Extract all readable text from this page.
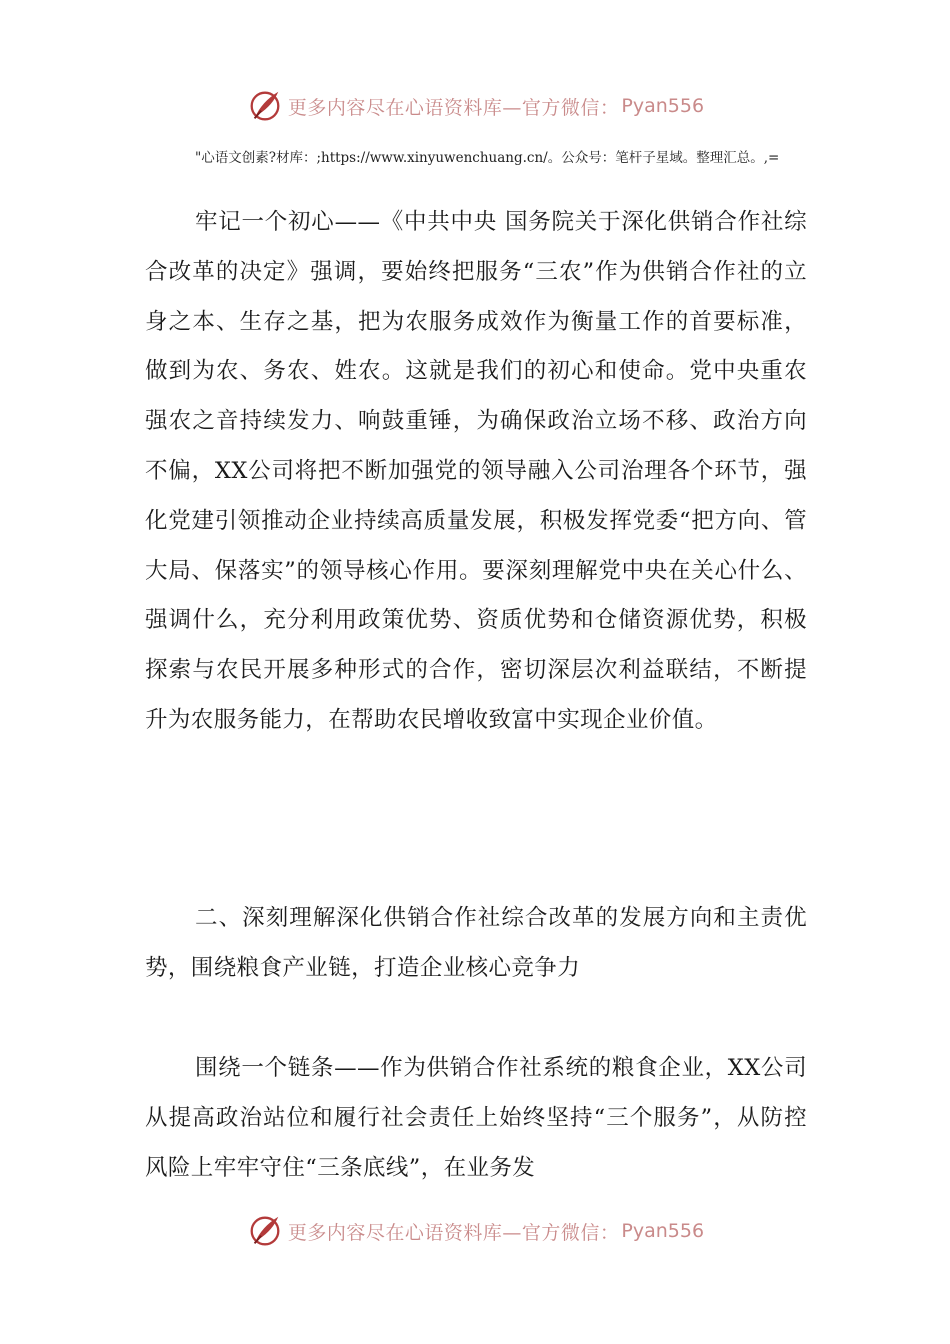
更多内容尽在心语资料库—官方微信： Pyan556
"心语文创素?材库：;https://www.xinyuwenchuang.cn/。公众号：笔杆子星域。整理汇总。,=
牢记一个初心——《中共中央 国务院关于深化供销合作社综合改革的决定》强调，要始终把服务“三农”作为供销合作社的立身之本、生存之基，把为农服务成效作为衡量工作的首要标准，做到为农、务农、姓农。这就是我们的初心和使命。党中央重农强农之音持续发力、响鼓重锤，为确保政治立场不移、政治方向不偏，XX公司将把不断加强党的领导融入公司治理各个环节，强化党建引领推动企业持续高质量发展，积极发挥党委“把方向、管大局、保落实”的领导核心作用。要深刻理解党中央在关心什么、强调什么，充分利用政策优势、资质优势和仓储资源优势，积极探索与农民开展多种形式的合作，密切深层次利益联结，不断提升为农服务能力，在帮助农民增收致富中实现企业价值。
二、深刻理解深化供销合作社综合改革的发展方向和主责优势，围绕粮食产业链，打造企业核心竞争力
围绕一个链条——作为供销合作社系统的粮食企业，XX公司从提高政治站位和履行社会责任上始终坚持“三个服务”，从防控风险上牢牢守住“三条底线”，在业务发
更多内容尽在心语资料库—官方微信： Pyan556
